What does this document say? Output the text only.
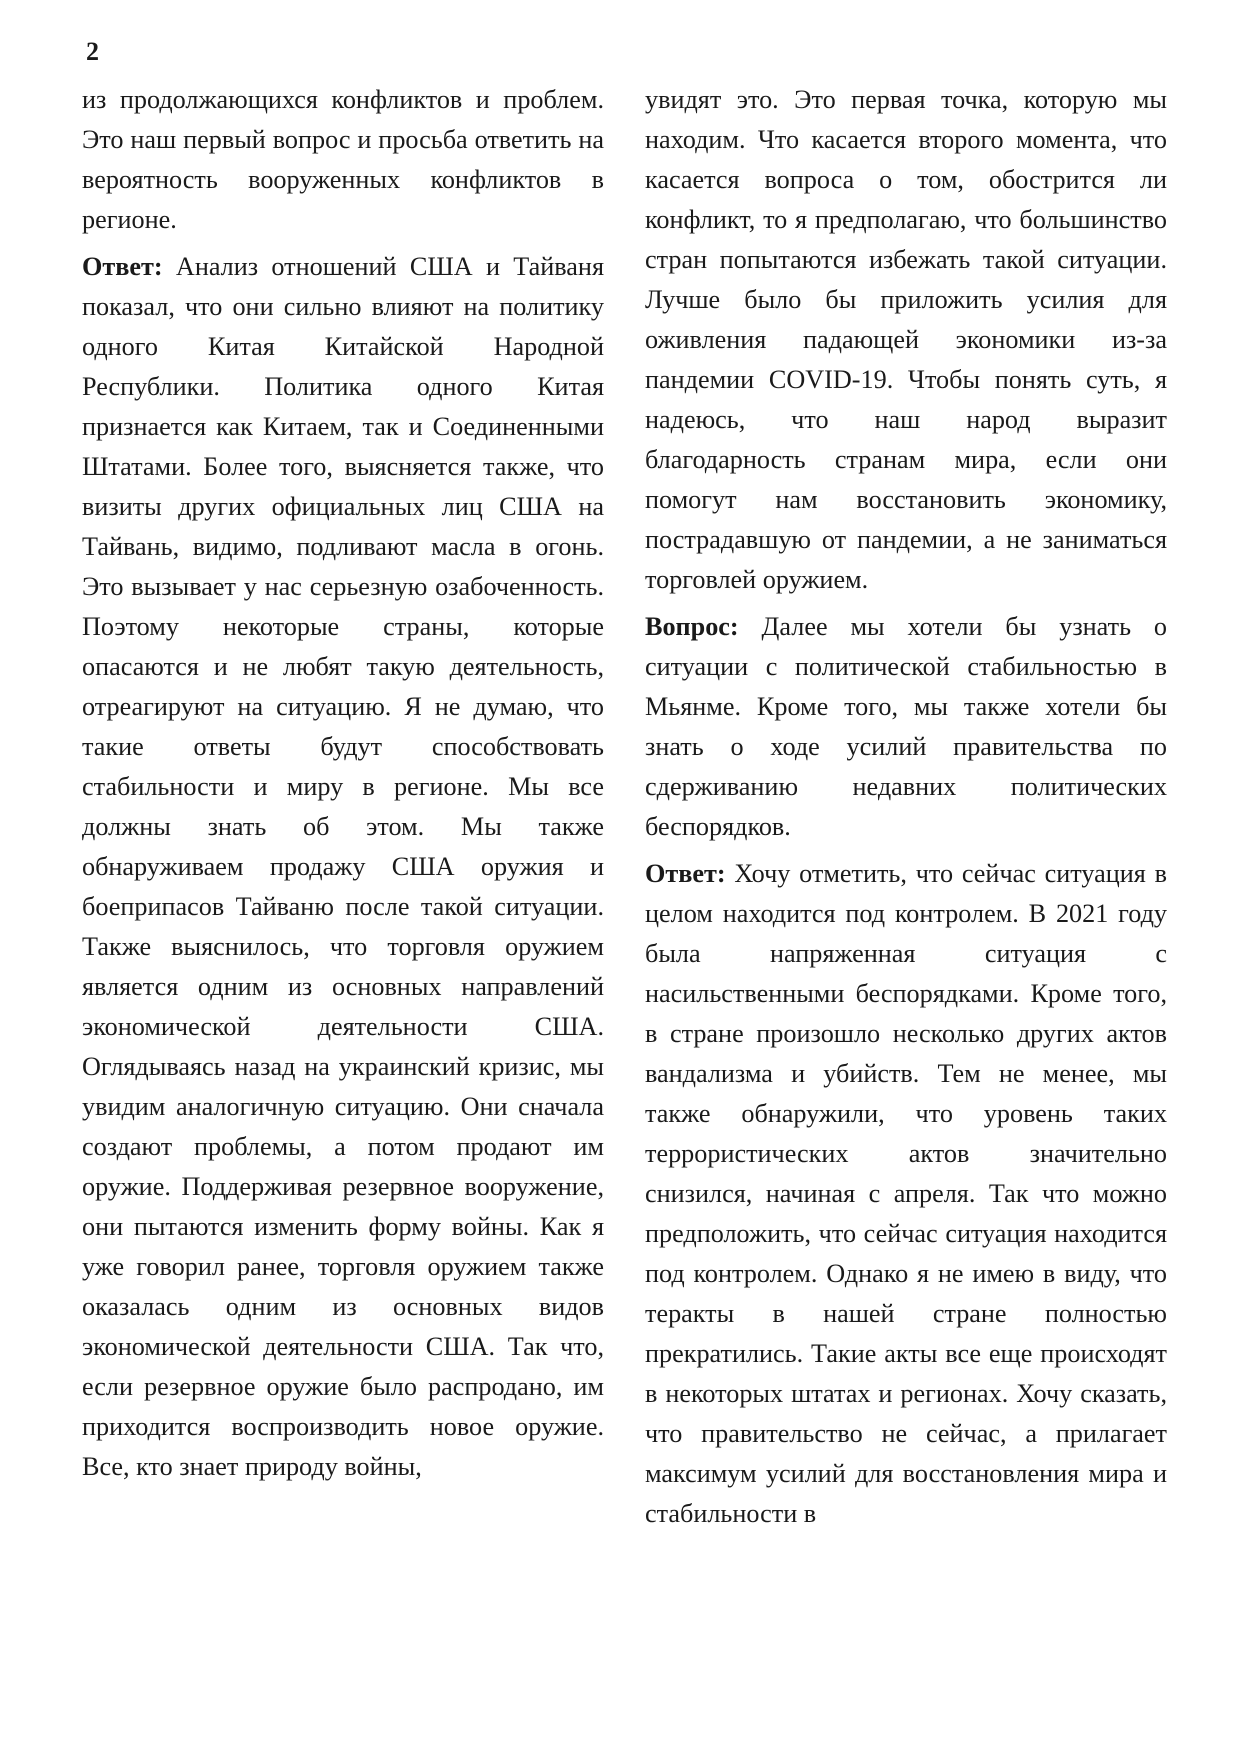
2

из продолжающихся конфликтов и проблем. Это наш первый вопрос и просьба ответить на вероятность вооруженных конфликтов в регионе.

Ответ: Анализ отношений США и Тайваня показал, что они сильно влияют на политику одного Китая Китайской Народной Республики. Политика одного Китая признается как Китаем, так и Соединенными Штатами. Более того, выясняется также, что визиты других официальных лиц США на Тайвань, видимо, подливают масла в огонь. Это вызывает у нас серьезную озабоченность. Поэтому некоторые страны, которые опасаются и не любят такую деятельность, отреагируют на ситуацию. Я не думаю, что такие ответы будут способствовать стабильности и миру в регионе. Мы все должны знать об этом. Мы также обнаруживаем продажу США оружия и боеприпасов Тайваню после такой ситуации. Также выяснилось, что торговля оружием является одним из основных направлений экономической деятельности США. Оглядываясь назад на украинский кризис, мы увидим аналогичную ситуацию. Они сначала создают проблемы, а потом продают им оружие. Поддерживая резервное вооружение, они пытаются изменить форму войны. Как я уже говорил ранее, торговля оружием также оказалась одним из основных видов экономической деятельности США. Так что, если резервное оружие было распродано, им приходится воспроизводить новое оружие. Все, кто знает природу войны,

увидят это. Это первая точка, которую мы находим. Что касается второго момента, что касается вопроса о том, обострится ли конфликт, то я предполагаю, что большинство стран попытаются избежать такой ситуации. Лучше было бы приложить усилия для оживления падающей экономики из-за пандемии COVID-19. Чтобы понять суть, я надеюсь, что наш народ выразит благодарность странам мира, если они помогут нам восстановить экономику, пострадавшую от пандемии, а не заниматься торговлей оружием.

Вопрос: Далее мы хотели бы узнать о ситуации с политической стабильностью в Мьянме. Кроме того, мы также хотели бы знать о ходе усилий правительства по сдерживанию недавних политических беспорядков.

Ответ: Хочу отметить, что сейчас ситуация в целом находится под контролем. В 2021 году была напряженная ситуация с насильственными беспорядками. Кроме того, в стране произошло несколько других актов вандализма и убийств. Тем не менее, мы также обнаружили, что уровень таких террористических актов значительно снизился, начиная с апреля. Так что можно предположить, что сейчас ситуация находится под контролем. Однако я не имею в виду, что теракты в нашей стране полностью прекратились. Такие акты все еще происходят в некоторых штатах и регионах. Хочу сказать, что правительство не сейчас, а прилагает максимум усилий для восстановления мира и стабильности в
